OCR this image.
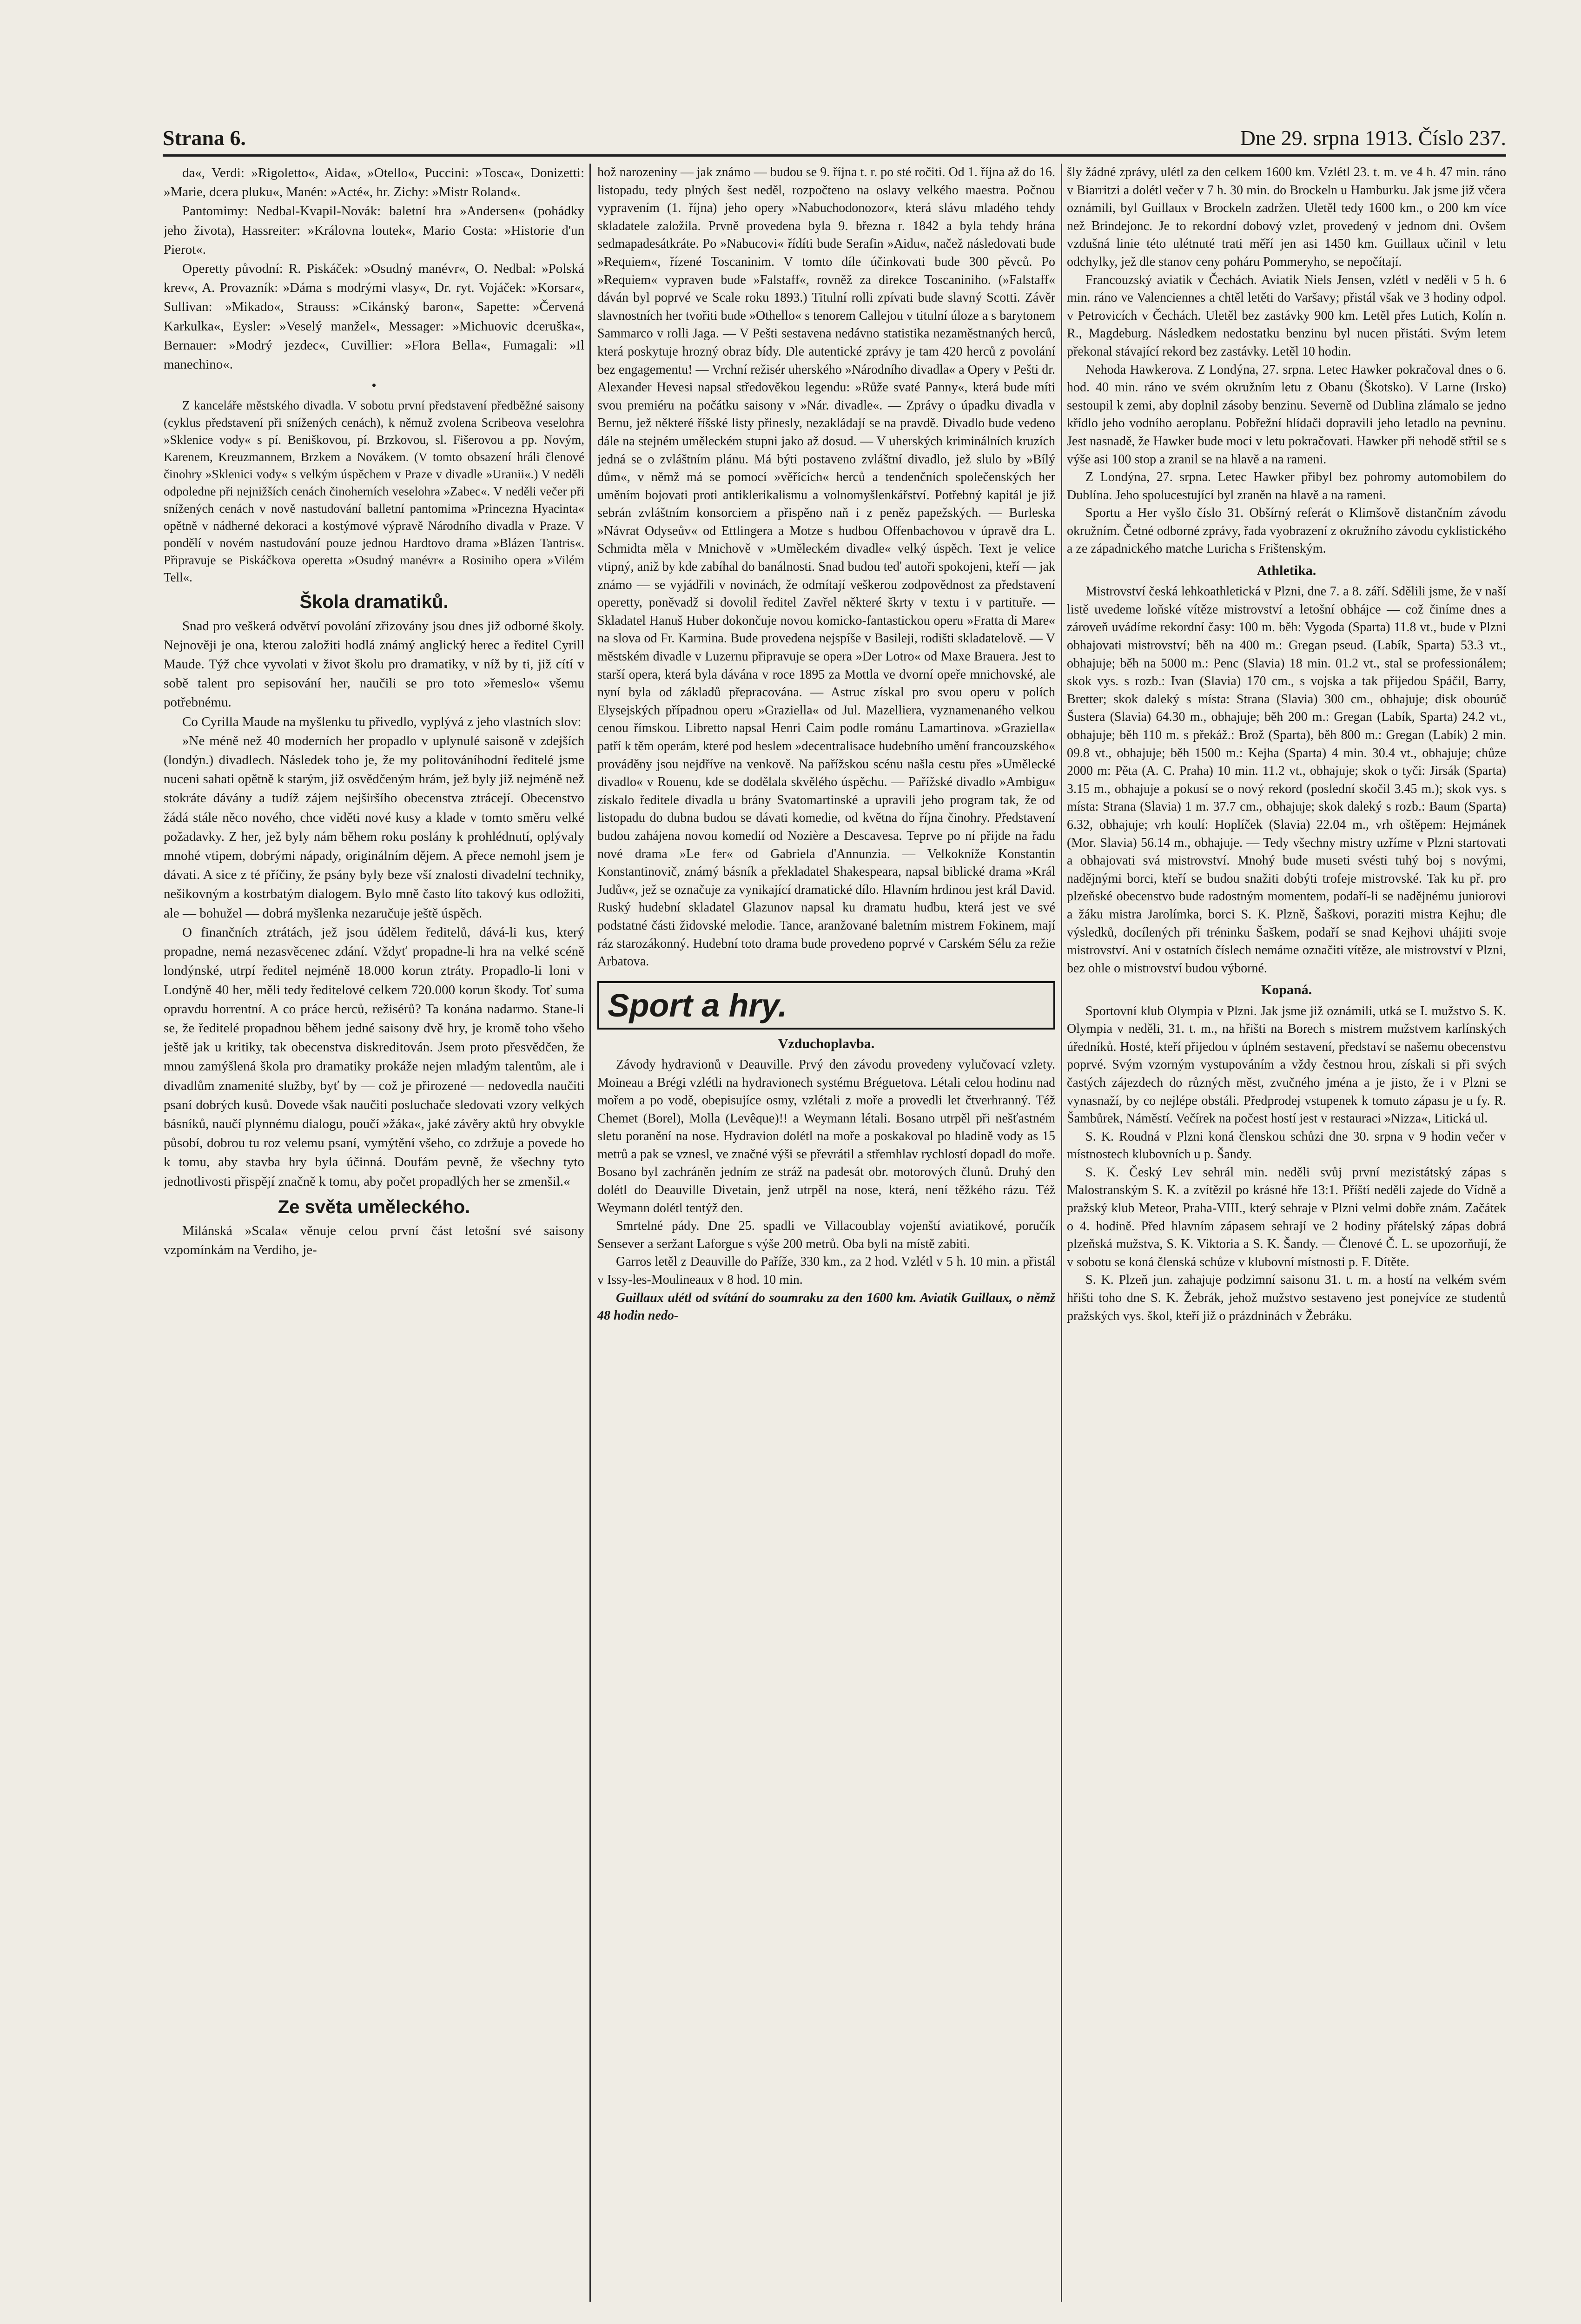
Strana 6.	Dne 29. srpna 1913. Číslo 237.

da«, Verdi: »Rigoletto«, Aida«, »Otello«, Puccini: »Tosca«, Donizetti: »Marie, dcera pluku«, Manén: »Acté«, hr. Zichy: »Mistr Roland«.

Pantomimy: Nedbal-Kvapil-Novák: baletní hra »Andersen« (pohádky jeho života), Hassreiter: »Královna loutek«, Mario Costa: »Historie d'un Pierot«.

Operetty původní: R. Piskáček: »Osudný manévr«, O. Nedbal: »Polská krev«, A. Provazník: »Dáma s modrými vlasy«, Dr. ryt. Vojáček: »Korsar«, Sullivan: »Mikado«, Strauss: »Cikánský baron«, Sapette: »Červená Karkulka«, Eysler: »Veselý manžel«, Messager: »Michuovic dceruška«, Bernauer: »Modrý jezdec«, Cuvillier: »Flora Bella«, Fumagali: »Il manechino«.

•

Z kanceláře městského divadla. V sobotu první představení předběžné saisony (cyklus představení při snížených cenách), k němuž zvolena Scribeova veselohra »Sklenice vody« s pí. Beniškovou, pí. Brzkovou, sl. Fišerovou a pp. Novým, Karenem, Kreuzmannem, Brzkem a Novákem. (V tomto obsazení hráli členové činohry »Sklenici vody« s velkým úspěchem v Praze v divadle »Uranii«.) V neděli odpoledne při nejnižších cenách činoherních veselohra »Zabec«. V neděli večer při snížených cenách v nově nastudování balletní pantomima »Princezna Hyacinta« opětně v nádherné dekoraci a kostýmové výpravě Národního divadla v Praze. V pondělí v novém nastudování pouze jednou Hardtovo drama »Blázen Tantris«. Připravuje se Piskáčkova operetta »Osudný manévr« a Rosiniho opera »Vilém Tell«.

Škola dramatiků.

Snad pro veškerá odvětví povolání zřizovány jsou dnes již odborné školy. Nejnověji je ona, kterou založiti hodlá známý anglický herec a ředitel Cyrill Maude. Týž chce vyvolati v život školu pro dramatiky, v níž by ti, již cítí v sobě talent pro sepisování her, naučili se pro toto »řemeslo« všemu potřebnému.

Co Cyrilla Maude na myšlenku tu přivedlo, vyplývá z jeho vlastních slov:

»Ne méně než 40 moderních her propadlo v uplynulé saisoně v zdejších (londýn.) divadlech. Následek toho je, že my politováníhodní ředitelé jsme nuceni sahati opětně k starým, již osvědčeným hrám, jež byly již nejméně než stokráte dávány a tudíž zájem nejširšího obecenstva ztrácejí. Obecenstvo žádá stále něco nového, chce viděti nové kusy a klade v tomto směru velké požadavky. Z her, jež byly nám během roku poslány k prohlédnutí, oplývaly mnohé vtipem, dobrými nápady, originálním dějem. A přece nemohl jsem je dávati. A sice z té příčiny, že psány byly beze vší znalosti divadelní techniky, nešikovným a kostrbatým dialogem. Bylo mně často líto takový kus odložiti, ale — bohužel — dobrá myšlenka nezaručuje ještě úspěch.

O finančních ztrátách, jež jsou údělem ředitelů, dává-li kus, který propadne, nemá nezasvěcenec zdání. Vždyť propadne-li hra na velké scéně londýnské, utrpí ředitel nejméně 18.000 korun ztráty. Propadlo-li loni v Londýně 40 her, měli tedy ředitelové celkem 720.000 korun škody. Toť suma opravdu horrentní. A co práce herců, režisérů? Ta konána nadarmo. Stane-li se, že ředitelé propadnou během jedné saisony dvě hry, je kromě toho všeho ještě jak u kritiky, tak obecenstva diskreditován. Jsem proto přesvědčen, že mnou zamýšlená škola pro dramatiky prokáže nejen mladým talentům, ale i divadlům znamenité služby, byť by — což je přirozené — nedovedla naučiti psaní dobrých kusů. Dovede však naučiti posluchače sledovati vzory velkých básníků, naučí plynnému dialogu, poučí »žáka«, jaké závěry aktů hry obvykle působí, dobrou tu roz velemu psaní, vymýtění všeho, co zdržuje a povede ho k tomu, aby stavba hry byla účinná. Doufám pevně, že všechny tyto jednotlivosti přispějí značně k tomu, aby počet propadlých her se zmenšil.«

Ze světa uměleckého.

Milánská »Scala« věnuje celou první část letošní své saisony vzpomínkám na Verdiho, je-

hož narozeniny — jak známo — budou se 9. října t. r. po sté ročiti. Od 1. října až do 16. listopadu, tedy plných šest neděl, rozpočteno na oslavy velkého maestra. Počnou vypravením (1. října) jeho opery »Nabuchodonozor«, která slávu mladého tehdy skladatele založila. Prvně provedena byla 9. března r. 1842 a byla tehdy hrána sedmapadesátkráte. Po »Nabucovi« řídíti bude Serafin »Aidu«, načež následovati bude »Requiem«, řízené Toscaninim. V tomto díle účinkovati bude 300 pěvců. Po »Requiem« vypraven bude »Falstaff«, rovněž za direkce Toscaniniho. (»Falstaff« dáván byl poprvé ve Scale roku 1893.) Titulní rolli zpívati bude slavný Scotti. Závěr slavnostních her tvořiti bude »Othello« s tenorem Callejou v titulní úloze a s barytonem Sammarco v rolli Jaga. — V Pešti sestavena nedávno statistika nezaměstnaných herců, která poskytuje hrozný obraz bídy. Dle autentické zprávy je tam 420 herců z povolání bez engagementu! — Vrchní režisér uherského »Národního divadla« a Opery v Pešti dr. Alexander Hevesi napsal středověkou legendu: »Růže svaté Panny«, která bude míti svou premiéru na počátku saisony v »Nár. divadle«. — Zprávy o úpadku divadla v Bernu, jež některé říšské listy přinesly, nezakládají se na pravdě. Divadlo bude vedeno dále na stejném uměleckém stupni jako až dosud. — V uherských kriminálních kruzích jedná se o zvláštním plánu. Má býti postaveno zvláštní divadlo, jež slulo by »Bílý dům«, v němž má se pomocí »věřících« herců a tendenčních společenských her uměním bojovati proti antiklerikalismu a volnomyšlenkářství. Potřebný kapitál je již sebrán zvláštním konsorciem a přispěno naň i z peněz papežských. — Burleska »Návrat Odyseův« od Ettlingera a Motze s hudbou Offenbachovou v úpravě dra L. Schmidta měla v Mnichově v »Uměleckém divadle« velký úspěch. Text je velice vtipný, aniž by kde zabíhal do banálnosti. Snad budou teď autoři spokojeni, kteří — jak známo — se vyjádřili v novinách, že odmítají veškerou zodpovědnost za představení operetty, poněvadž si dovolil ředitel Zavřel některé škrty v textu i v partituře. — Skladatel Hanuš Huber dokončuje novou komicko-fantastickou operu »Fratta di Mare« na slova od Fr. Karmina. Bude provedena nejspíše v Basileji, rodišti skladatelově. — V městském divadle v Luzernu připravuje se opera »Der Lotro« od Maxe Brauera. Jest to starší opera, která byla dávána v roce 1895 za Mottla ve dvorní opeře mnichovské, ale nyní byla od základů přepracována. — Astruc získal pro svou operu v polích Elysejských případnou operu »Graziella« od Jul. Mazelliera, vyznamenaného velkou cenou římskou. Libretto napsal Henri Caim podle románu Lamartinova. »Graziella« patří k těm operám, které pod heslem »decentralisace hudebního umění francouzského« prováděny jsou nejdříve na venkově. Na pařížskou scénu našla cestu přes »Umělecké divadlo« v Rouenu, kde se dodělala skvělého úspěchu. — Pařížské divadlo »Ambigu« získalo ředitele divadla u brány Svatomartinské a upravili jeho program tak, že od listopadu do dubna budou se dávati komedie, od května do října činohry. Představení budou zahájena novou komedií od Nozière a Descavesa. Teprve po ní přijde na řadu nové drama »Le fer« od Gabriela d'Annunzia. — Velkokníže Konstantin Konstantinovič, známý básník a překladatel Shakespeara, napsal biblické drama »Král Judův«, jež se označuje za vynikající dramatické dílo. Hlavním hrdinou jest král David. Ruský hudební skladatel Glazunov napsal ku dramatu hudbu, která jest ve své podstatné části židovské melodie. Tance, aranžované baletním mistrem Fokinem, mají ráz starozákonný. Hudební toto drama bude provedeno poprvé v Carském Sélu za režie Arbatova.

Sport a hry.
Vzduchoplavba.

Závody hydravionů v Deauville. Prvý den závodu provedeny vylučovací vzlety. Moineau a Brégi vzlétli na hydravionech systému Bréguetova. Létali celou hodinu nad mořem a po vodě, obepisujíce osmy, vzlétali z moře a provedli let čtverhranný. Též Chemet (Borel), Molla (Levêque)!! a Weymann létali. Bosano utrpěl při nešťastném sletu poranění na nose. Hydravion dolétl na moře a poskakoval po hladině vody as 15 metrů a pak se vznesl, ve značné výši se převrátil a střemhlav rychlostí dopadl do moře. Bosano byl zachráněn jedním ze stráž na padesát obr. motorových člunů. Druhý den dolétl do Deauville Divetain, jenž utrpěl na nose, která, není těžkého rázu. Též Weymann dolétl tentýž den.

Smrtelné pády. Dne 25. spadli ve Villacoublay vojenští aviatikové, poručík Sensever a seržant Laforgue s výše 200 metrů. Oba byli na místě zabiti.

Garros letěl z Deauville do Paříže, 330 km., za 2 hod. Vzlétl v 5 h. 10 min. a přistál v Issy-les-Moulineaux v 8 hod. 10 min.

Guillaux ulétl od svítání do soumraku za den 1600 km. Aviatik Guillaux, o němž 48 hodin nedo-

šly žádné zprávy, ulétl za den celkem 1600 km. Vzlétl 23. t. m. ve 4 h. 47 min. ráno v Biarritzi a dolétl večer v 7 h. 30 min. do Brockeln u Hamburku. Jak jsme již včera oznámili, byl Guillaux v Brockeln zadržen. Uletěl tedy 1600 km., o 200 km více než Brindejonc. Je to rekordní dobový vzlet, provedený v jednom dni. Ovšem vzdušná linie této ulétnuté trati měří jen asi 1450 km. Guillaux učinil v letu odchylky, jež dle stanov ceny poháru Pommeryho, se nepočítají.

Francouzský aviatik v Čechách. Aviatik Niels Jensen, vzlétl v neděli v 5 h. 6 min. ráno ve Valenciennes a chtěl letěti do Varšavy; přistál však ve 3 hodiny odpol. v Petrovicích v Čechách. Uletěl bez zastávky 900 km. Letěl přes Lutich, Kolín n. R., Magdeburg. Následkem nedostatku benzinu byl nucen přistáti. Svým letem překonal stávající rekord bez zastávky. Letěl 10 hodin.

Nehoda Hawkerova. Z Londýna, 27. srpna. Letec Hawker pokračoval dnes o 6. hod. 40 min. ráno ve svém okružním letu z Obanu (Škotsko). V Larne (Irsko) sestoupil k zemi, aby doplnil zásoby benzinu. Severně od Dublina zlámalo se jedno křídlo jeho vodního aeroplanu. Pobřežní hlídači dopravili jeho letadlo na pevninu. Jest nasnadě, že Hawker bude moci v letu pokračovati. Hawker při nehodě střtil se s výše asi 100 stop a zranil se na hlavě a na rameni.

Z Londýna, 27. srpna. Letec Hawker přibyl bez pohromy automobilem do Dublína. Jeho spolucestující byl zraněn na hlavě a na rameni.

Sportu a Her vyšlo číslo 31. Obšírný referát o Klimšově distančním závodu okružním. Četné odborné zprávy, řada vyobrazení z okružního závodu cyklistického a ze západnického matche Luricha s Frištenským.

Athletika.

Mistrovství česká lehkoathletická v Plzni, dne 7. a 8. září. Sdělili jsme, že v naší listě uvedeme loňské vítěze mistrovství a letošní obhájce — což činíme dnes a zároveň uvádíme rekordní časy: 100 m. běh: Vygoda (Sparta) 11.8 vt., bude v Plzni obhajovati mistrovství; běh na 400 m.: Gregan pseud. (Labík, Sparta) 53.3 vt., obhajuje; běh na 5000 m.: Penc (Slavia) 18 min. 01.2 vt., stal se professionálem; skok vys. s rozb.: Ivan (Slavia) 170 cm., s vojska a tak přijedou Spáčil, Barry, Bretter; skok daleký s místa: Strana (Slavia) 300 cm., obhajuje; disk obourúč Šustera (Slavia) 64.30 m., obhajuje; běh 200 m.: Gregan (Labík, Sparta) 24.2 vt., obhajuje; běh 110 m. s překáž.: Brož (Sparta), běh 800 m.: Gregan (Labík) 2 min. 09.8 vt., obhajuje; běh 1500 m.: Kejha (Sparta) 4 min. 30.4 vt., obhajuje; chůze 2000 m: Pěta (A. C. Praha) 10 min. 11.2 vt., obhajuje; skok o tyči: Jirsák (Sparta) 3.15 m., obhajuje a pokusí se o nový rekord (poslední skočil 3.45 m.); skok vys. s místa: Strana (Slavia) 1 m. 37.7 cm., obhajuje; skok daleký s rozb.: Baum (Sparta) 6.32, obhajuje; vrh koulí: Hoplíček (Slavia) 22.04 m., vrh oštěpem: Hejmánek (Mor. Slavia) 56.14 m., obhajuje. — Tedy všechny mistry uzříme v Plzni startovati a obhajovati svá mistrovství. Mnohý bude museti svésti tuhý boj s novými, nadějnými borci, kteří se budou snažiti dobýti trofeje mistrovské. Tak ku př. pro plzeňské obecenstvo bude radostným momentem, podaří-li se nadějnému juniorovi a žáku mistra Jarolímka, borci S. K. Plzně, Šaškovi, poraziti mistra Kejhu; dle výsledků, docílených při tréninku Šaškem, podaří se snad Kejhovi uhájiti svoje mistrovství. Ani v ostatních číslech nemáme označiti vítěze, ale mistrovství v Plzni, bez ohle o mistrovství budou výborné.

Kopaná.

Sportovní klub Olympia v Plzni. Jak jsme již oznámili, utká se I. mužstvo S. K. Olympia v neděli, 31. t. m., na hřišti na Borech s mistrem mužstvem karlínských úředníků. Hosté, kteří přijedou v úplném sestavení, představí se našemu obecenstvu poprvé. Svým vzorným vystupováním a vždy čestnou hrou, získali si při svých častých zájezdech do různých měst, zvučného jména a je jisto, že i v Plzni se vynasnaží, by co nejlépe obstáli. Předprodej vstupenek k tomuto zápasu je u fy. R. Šambůrek, Náměstí. Večírek na počest hostí jest v restauraci »Nizza«, Litická ul.

S. K. Roudná v Plzni koná členskou schůzi dne 30. srpna v 9 hodin večer v místnostech klubovních u p. Šandy.

S. K. Český Lev sehrál min. neděli svůj první mezistátský zápas s Malostranským S. K. a zvítězil po krásné hře 13:1. Příští neděli zajede do Vídně a pražský klub Meteor, Praha-VIII., který sehraje v Plzni velmi dobře znám. Začátek o 4. hodině. Před hlavním zápasem sehrají ve 2 hodiny přátelský zápas dobrá plzeňská mužstva, S. K. Viktoria a S. K. Šandy. — Členové Č. L. se upozorňují, že v sobotu se koná členská schůze v klubovní místnosti p. F. Dítěte.

S. K. Plzeň jun. zahajuje podzimní saisonu 31. t. m. a hostí na velkém svém hřišti toho dne S. K. Žebrák, jehož mužstvo sestaveno jest ponejvíce ze studentů pražských vys. škol, kteří již o prázdninách v Žebráku.
